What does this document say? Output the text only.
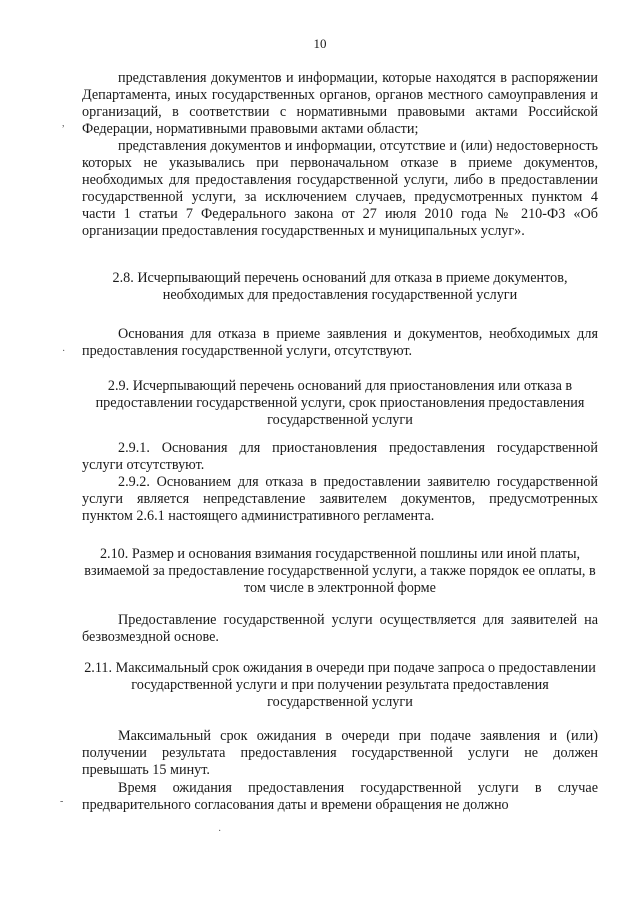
10

представления документов и информации, которые находятся в распоряжении Департамента, иных государственных органов, органов местного самоуправления и организаций, в соответствии с нормативными правовыми актами Российской Федерации, нормативными правовыми актами области;

представления документов и информации, отсутствие и (или) недостоверность которых не указывались при первоначальном отказе в приеме документов, необходимых для предоставления государственной услуги, либо в предоставлении государственной услуги, за исключением случаев, предусмотренных пунктом 4 части 1 статьи 7 Федерального закона от 27 июля 2010 года № 210-ФЗ «Об организации предоставления государственных и муниципальных услуг».

2.8. Исчерпывающий перечень оснований для отказа в приеме документов, необходимых для предоставления государственной услуги

Основания для отказа в приеме заявления и документов, необходимых для предоставления государственной услуги, отсутствуют.

2.9. Исчерпывающий перечень оснований для приостановления или отказа в предоставлении государственной услуги, срок приостановления предоставления государственной услуги

2.9.1. Основания для приостановления предоставления государственной услуги отсутствуют.

2.9.2. Основанием для отказа в предоставлении заявителю государственной услуги является непредставление заявителем документов, предусмотренных пунктом 2.6.1 настоящего административного регламента.

2.10. Размер и основания взимания государственной пошлины или иной платы, взимаемой за предоставление государственной услуги, а также порядок ее оплаты, в том числе в электронной форме

Предоставление государственной услуги осуществляется для заявителей на безвозмездной основе.

2.11. Максимальный срок ожидания в очереди при подаче запроса о предоставлении государственной услуги и при получении результата предоставления государственной услуги

Максимальный срок ожидания в очереди при подаче заявления и (или) получении результата предоставления государственной услуги не должен превышать 15 минут.

Время ожидания предоставления государственной услуги в случае предварительного согласования даты и времени обращения не должно

,
·
-
·
